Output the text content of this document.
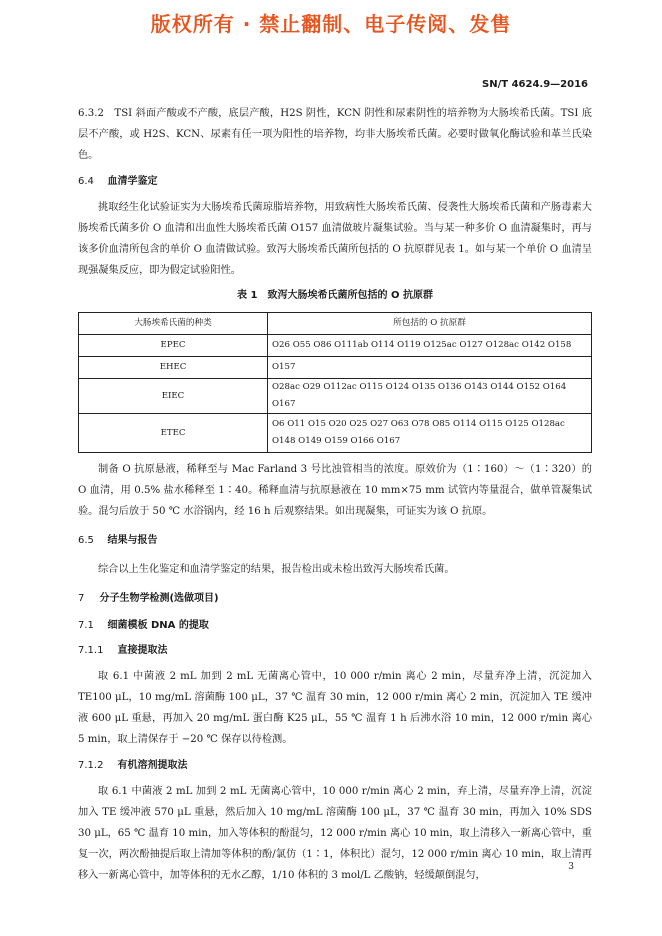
版权所有 · 禁止翻制、电子传阅、发售
SN/T 4624.9—2016

6.3.2　TSI 斜面产酸或不产酸，底层产酸，H2S 阴性，KCN 阴性和尿素阴性的培养物为大肠埃希氏菌。TSI 底层不产酸，或 H2S、KCN、尿素有任一项为阳性的培养物，均非大肠埃希氏菌。必要时做氧化酶试验和革兰氏染色。

6.4 血清学鉴定

挑取经生化试验证实为大肠埃希氏菌琼脂培养物，用致病性大肠埃希氏菌、侵袭性大肠埃希氏菌和产肠毒素大肠埃希氏菌多价 O 血清和出血性大肠埃希氏菌 O157 血清做玻片凝集试验。当与某一种多价 O 血清凝集时，再与该多价血清所包含的单价 O 血清做试验。致泻大肠埃希氏菌所包括的 O 抗原群见表 1。如与某一个单价 O 血清呈现强凝集反应，即为假定试验阳性。

表 1　致泻大肠埃希氏菌所包括的 O 抗原群
大肠埃希氏菌的种类	所包括的 O 抗原群
EPEC	O26 O55 O86 O111ab O114 O119 O125ac O127 O128ac O142 O158
EHEC	O157
EIEC	O28ac O29 O112ac O115 O124 O135 O136 O143 O144 O152 O164 O167
ETEC	O6 O11 O15 O20 O25 O27 O63 O78 O85 O114 O115 O125 O128ac O148 O149 O159 O166 O167

制备 O 抗原悬液，稀释至与 Mac Farland 3 号比浊管相当的浓度。原效价为（1∶160）～（1∶320）的 O 血清，用 0.5% 盐水稀释至 1∶40。稀释血清与抗原悬液在 10 mm×75 mm 试管内等量混合，做单管凝集试验。混匀后放于 50 ℃ 水浴锅内，经 16 h 后观察结果。如出现凝集，可证实为该 O 抗原。

6.5 结果与报告

综合以上生化鉴定和血清学鉴定的结果，报告检出或未检出致泻大肠埃希氏菌。

7 分子生物学检测(选做项目)
7.1 细菌模板 DNA 的提取
7.1.1 直接提取法

取 6.1 中菌液 2 mL 加到 2 mL 无菌离心管中，10 000 r/min 离心 2 min，尽量弃净上清，沉淀加入 TE100 μL，10 mg/mL 溶菌酶 100 μL，37 ℃ 温育 30 min，12 000 r/min 离心 2 min，沉淀加入 TE 缓冲液 600 μL 重悬，再加入 20 mg/mL 蛋白酶 K25 μL，55 ℃ 温育 1 h 后沸水浴 10 min，12 000 r/min 离心 5 min，取上清保存于 −20 ℃ 保存以待检测。

7.1.2 有机溶剂提取法

取 6.1 中菌液 2 mL 加到 2 mL 无菌离心管中，10 000 r/min 离心 2 min，弃上清，尽量弃净上清，沉淀加入 TE 缓冲液 570 μL 重悬，然后加入 10 mg/mL 溶菌酶 100 μL，37 ℃ 温育 30 min，再加入 10% SDS 30 μL，65 ℃ 温育 10 min，加入等体积的酚混匀，12 000 r/min 离心 10 min，取上清移入一新离心管中，重复一次，两次酚抽提后取上清加等体积的酚/氯仿（1∶1，体积比）混匀，12 000 r/min 离心 10 min，取上清再移入一新离心管中，加等体积的无水乙醇，1/10 体积的 3 mol/L 乙酸钠，轻缓颠倒混匀，

3
